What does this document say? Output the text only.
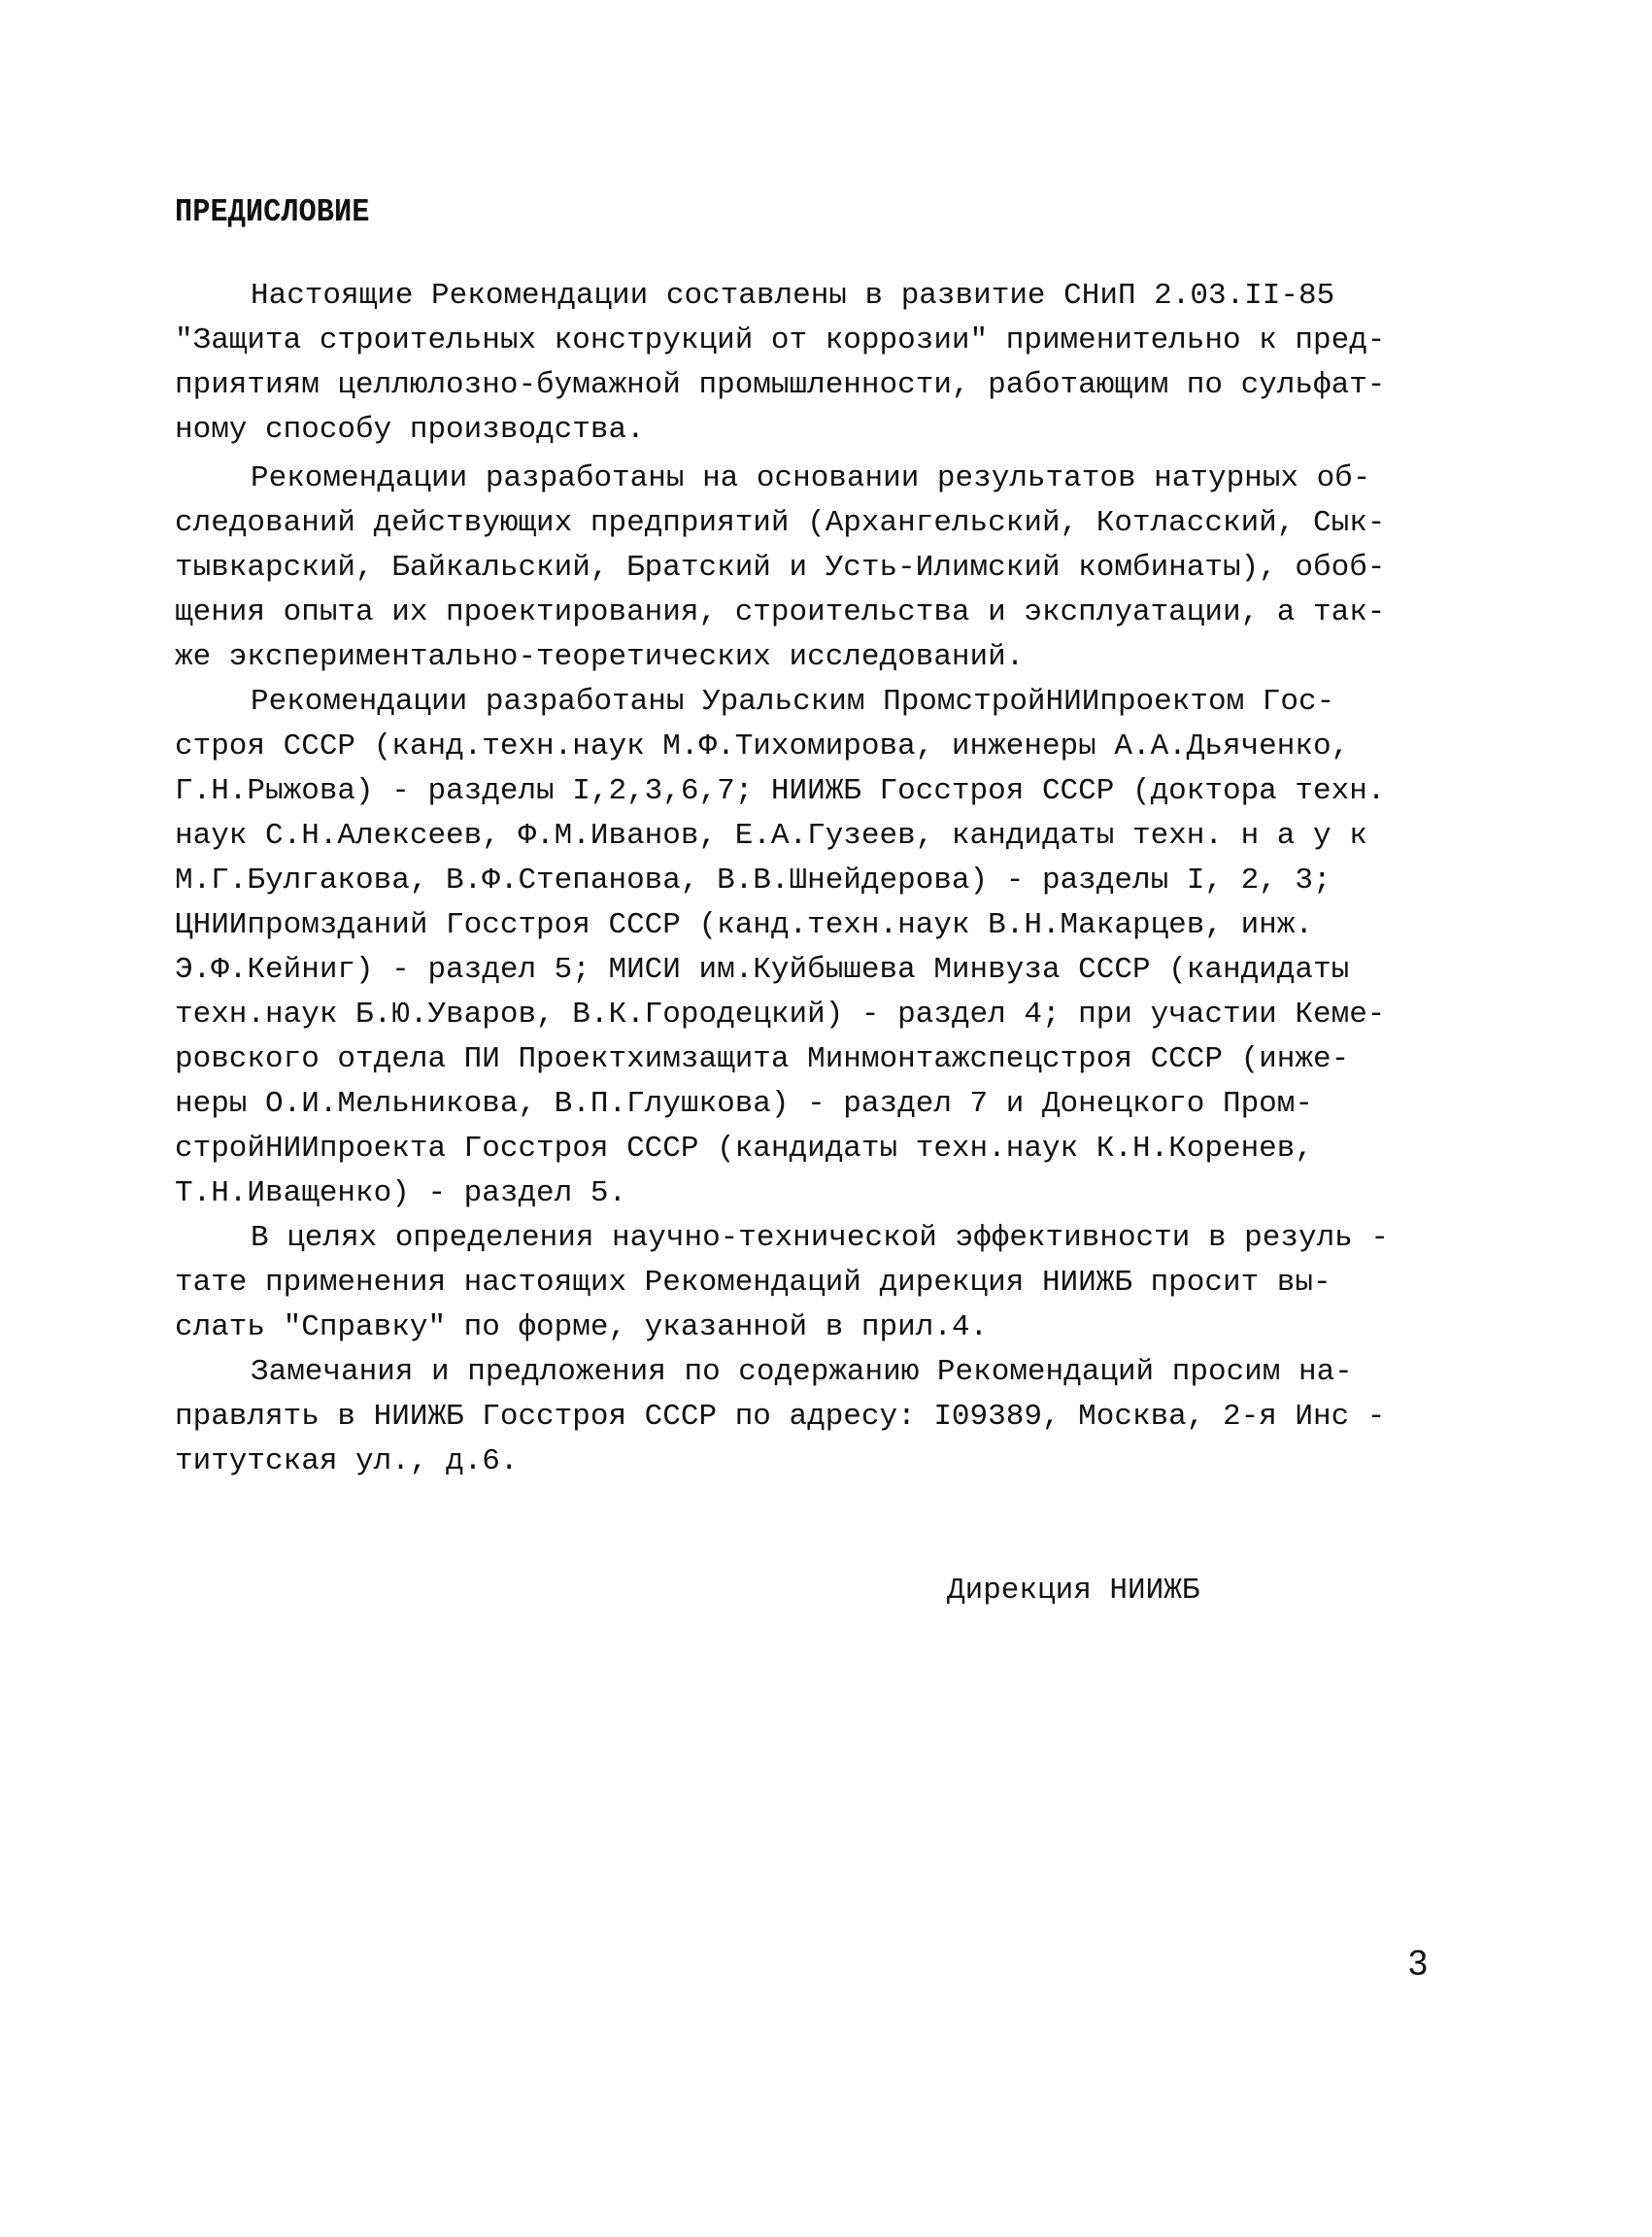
ПРЕДИСЛОВИЕ
Настоящие Рекомендации составлены в развитие СНиП 2.03.II-85
"Защита строительных конструкций от коррозии" применительно к пред-
приятиям целлюлозно-бумажной промышленности, работающим по сульфат-
ному способу производства.
Рекомендации разработаны на основании результатов натурных об-
следований действующих предприятий (Архангельский, Котласский, Сык-
тывкарский, Байкальский, Братский и Усть-Илимский комбинаты), обоб-
щения опыта их проектирования, строительства и эксплуатации, а так-
же экспериментально-теоретических исследований.
Рекомендации разработаны Уральским ПромстройНИИпроектом Гос-
строя СССР (канд.техн.наук М.Ф.Тихомирова, инженеры А.А.Дьяченко,
Г.Н.Рыжова) - разделы I,2,3,6,7; НИИЖБ Госстроя СССР (доктора техн.
наук С.Н.Алексеев, Ф.М.Иванов, Е.А.Гузеев, кандидаты техн. н а у к
М.Г.Булгакова, В.Ф.Степанова, В.В.Шнейдерова) - разделы I, 2, 3;
ЦНИИпромзданий Госстроя СССР (канд.техн.наук В.Н.Макарцев, инж.
Э.Ф.Кейниг) - раздел 5; МИСИ им.Куйбышева Минвуза СССР (кандидаты
техн.наук Б.Ю.Уваров, В.К.Городецкий) - раздел 4; при участии Кеме-
ровского отдела ПИ Проектхимзащита Минмонтажспецстроя СССР (инже-
неры О.И.Мельникова, В.П.Глушкова) - раздел 7 и Донецкого Пром-
стройНИИпроекта Госстроя СССР (кандидаты техн.наук К.Н.Коренев,
Т.Н.Иващенко) - раздел 5.
В целях определения научно-технической эффективности в резуль -
тате применения настоящих Рекомендаций дирекция НИИЖБ просит вы-
слать "Справку" по форме, указанной в прил.4.
Замечания и предложения по содержанию Рекомендаций просим на-
правлять в НИИЖБ Госстроя СССР по адресу: I09389, Москва, 2-я Инс -
титутская ул., д.6.
Дирекция НИИЖБ
3
